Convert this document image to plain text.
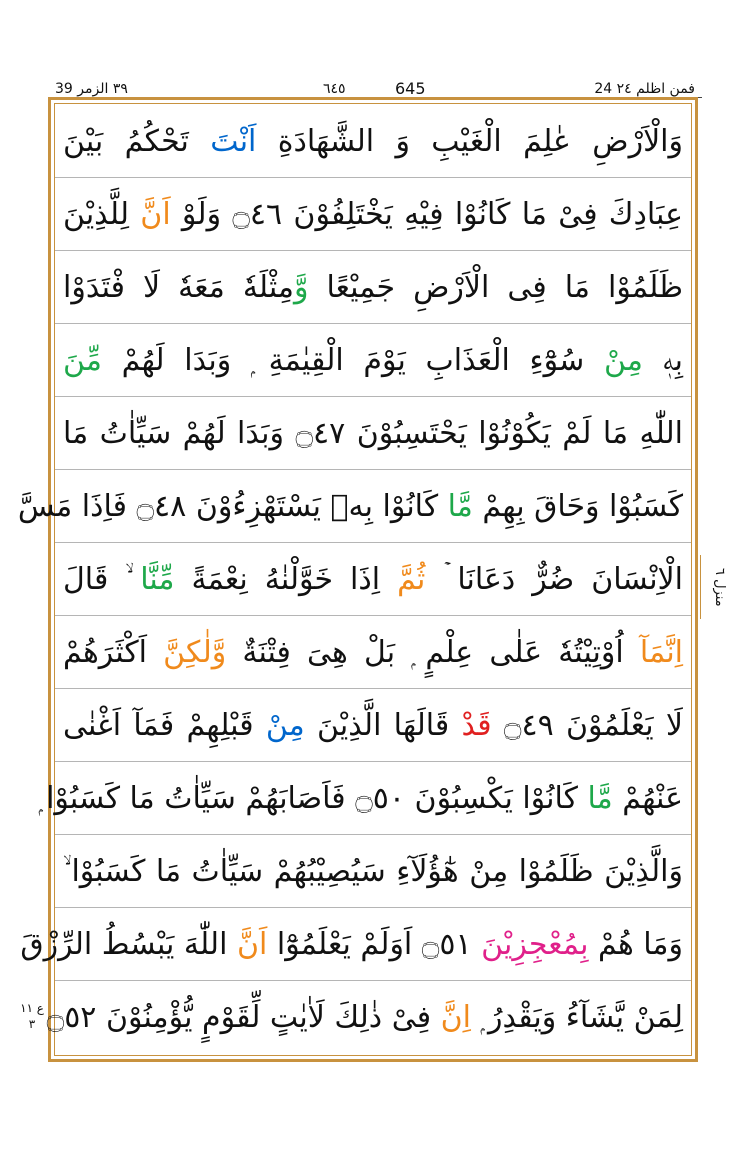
٣٩ الزمر 39	٦٤٥	645	24 فمن اظلم ٢٤
وَالْاَرْضِ عٰلِمَ الْغَیْبِ وَ الشَّهَادَةِ اَنْتَ تَحْكُمُ بَیْنَ
عِبَادِكَ فِیْ مَا كَانُوْا فِیْهِ یَخْتَلِفُوْنَ ۝٤٦ وَلَوْ اَنَّ لِلَّذِیْنَ
ظَلَمُوْا مَا فِی الْاَرْضِ جَمِیْعًا وَّمِثْلَهٗ مَعَهٗ لَا فْتَدَوْا
بِهٖ مِنْ سُوْٓءِ الْعَذَابِ یَوْمَ الْقِیٰمَةِ ۭ وَبَدَا لَهُمْ مِّنَ
اللّٰهِ مَا لَمْ یَكُوْنُوْا یَحْتَسِبُوْنَ ۝٤٧ وَبَدَا لَهُمْ سَیِّاٰتُ مَا
كَسَبُوْا وَحَاقَ بِهِمْ مَّا كَانُوْا بِهٖ یَسْتَهْزِءُوْنَ ۝٤٨ فَاِذَا مَسَّ
الْاِنْسَانَ ضُرٌّ دَعَانَا ۡ ثُمَّ اِذَا خَوَّلْنٰهُ نِعْمَةً مِّنَّا ۙ قَالَ
اِنَّمَآ اُوْتِیْتُهٗ عَلٰی عِلْمٍ ۭ بَلْ هِیَ فِتْنَةٌ وَّلٰكِنَّ اَكْثَرَهُمْ
لَا یَعْلَمُوْنَ ۝٤٩ قَدْ قَالَهَا الَّذِیْنَ مِنْ قَبْلِهِمْ فَمَآ اَغْنٰی
عَنْهُمْ مَّا كَانُوْا یَكْسِبُوْنَ ۝٥٠ فَاَصَابَهُمْ سَیِّاٰتُ مَا كَسَبُوْا ۭ
وَالَّذِیْنَ ظَلَمُوْا مِنْ هٰٓؤُلَآءِ سَیُصِیْبُهُمْ سَیِّاٰتُ مَا كَسَبُوْا ۙ
وَمَا هُمْ بِمُعْجِزِیْنَ ۝٥١ اَوَلَمْ یَعْلَمُوْٓا اَنَّ اللّٰهَ یَبْسُطُ الرِّزْقَ
لِمَنْ یَّشَآءُ وَیَقْدِرُ ۭ اِنَّ فِیْ ذٰلِكَ لَاٰیٰتٍ لِّقَوْمٍ یُّؤْمِنُوْنَ ۝٥٢
منزل ٦
ع ١١ ٣
